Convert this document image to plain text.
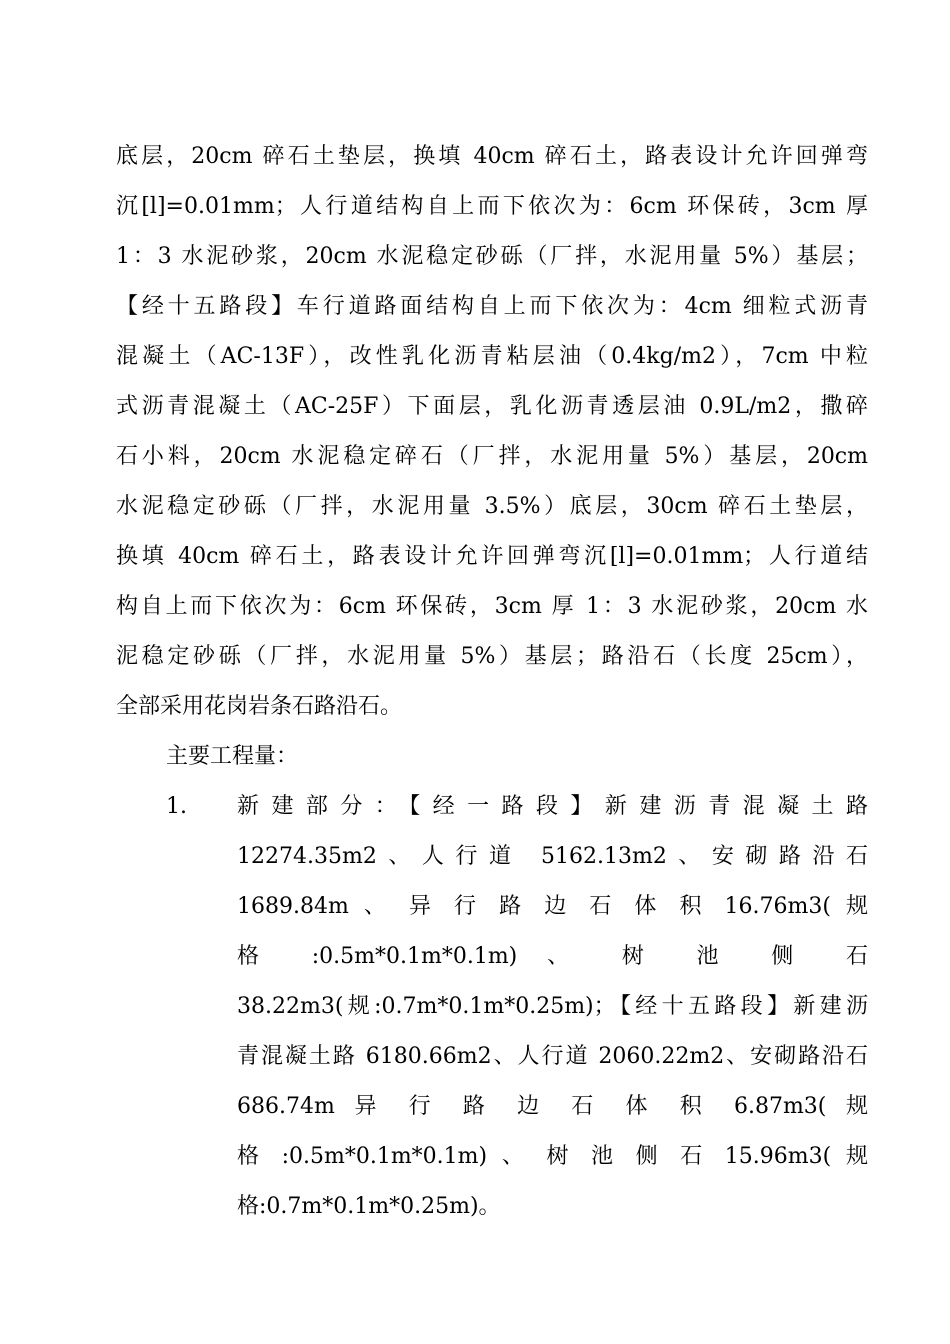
底层，20cm 碎石土垫层，换填 40cm 碎石土，路表设计允许回弹弯
沉[l]=0.01mm；人行道结构自上而下依次为：6cm 环保砖，3cm 厚
1：3 水泥砂浆，20cm 水泥稳定砂砾（厂拌，水泥用量 5%）基层；
【经十五路段】车行道路面结构自上而下依次为：4cm 细粒式沥青
混凝土（AC-13F），改性乳化沥青粘层油（0.4kg/m2），7cm 中粒
式沥青混凝土（AC-25F）下面层，乳化沥青透层油 0.9L/m2，撒碎
石小料，20cm 水泥稳定碎石（厂拌，水泥用量 5%）基层，20cm
水泥稳定砂砾（厂拌，水泥用量 3.5%）底层，30cm 碎石土垫层，
换填 40cm 碎石土，路表设计允许回弹弯沉[l]=0.01mm；人行道结
构自上而下依次为：6cm 环保砖，3cm 厚 1：3 水泥砂浆，20cm 水
泥稳定砂砾（厂拌，水泥用量 5%）基层；路沿石（长度 25cm），
全部采用花岗岩条石路沿石。
主要工程量：
1.	新建部分：【经一路段】新建沥青混凝土路
12274.35m2、人行道 5162.13m2、安砌路沿石
1689.84m 、 异 行 路 边 石 体 积 16.76m3( 规
格 :0.5m*0.1m*0.1m) 、 树 池 侧 石
38.22m3(规:0.7m*0.1m*0.25m)；【经十五路段】新建沥
青混凝土路 6180.66m2、人行道 2060.22m2、安砌路沿石
686.74m 异 行 路 边 石 体 积 6.87m3( 规
格 :0.5m*0.1m*0.1m) 、 树 池 侧 石 15.96m3( 规
格:0.7m*0.1m*0.25m)。
